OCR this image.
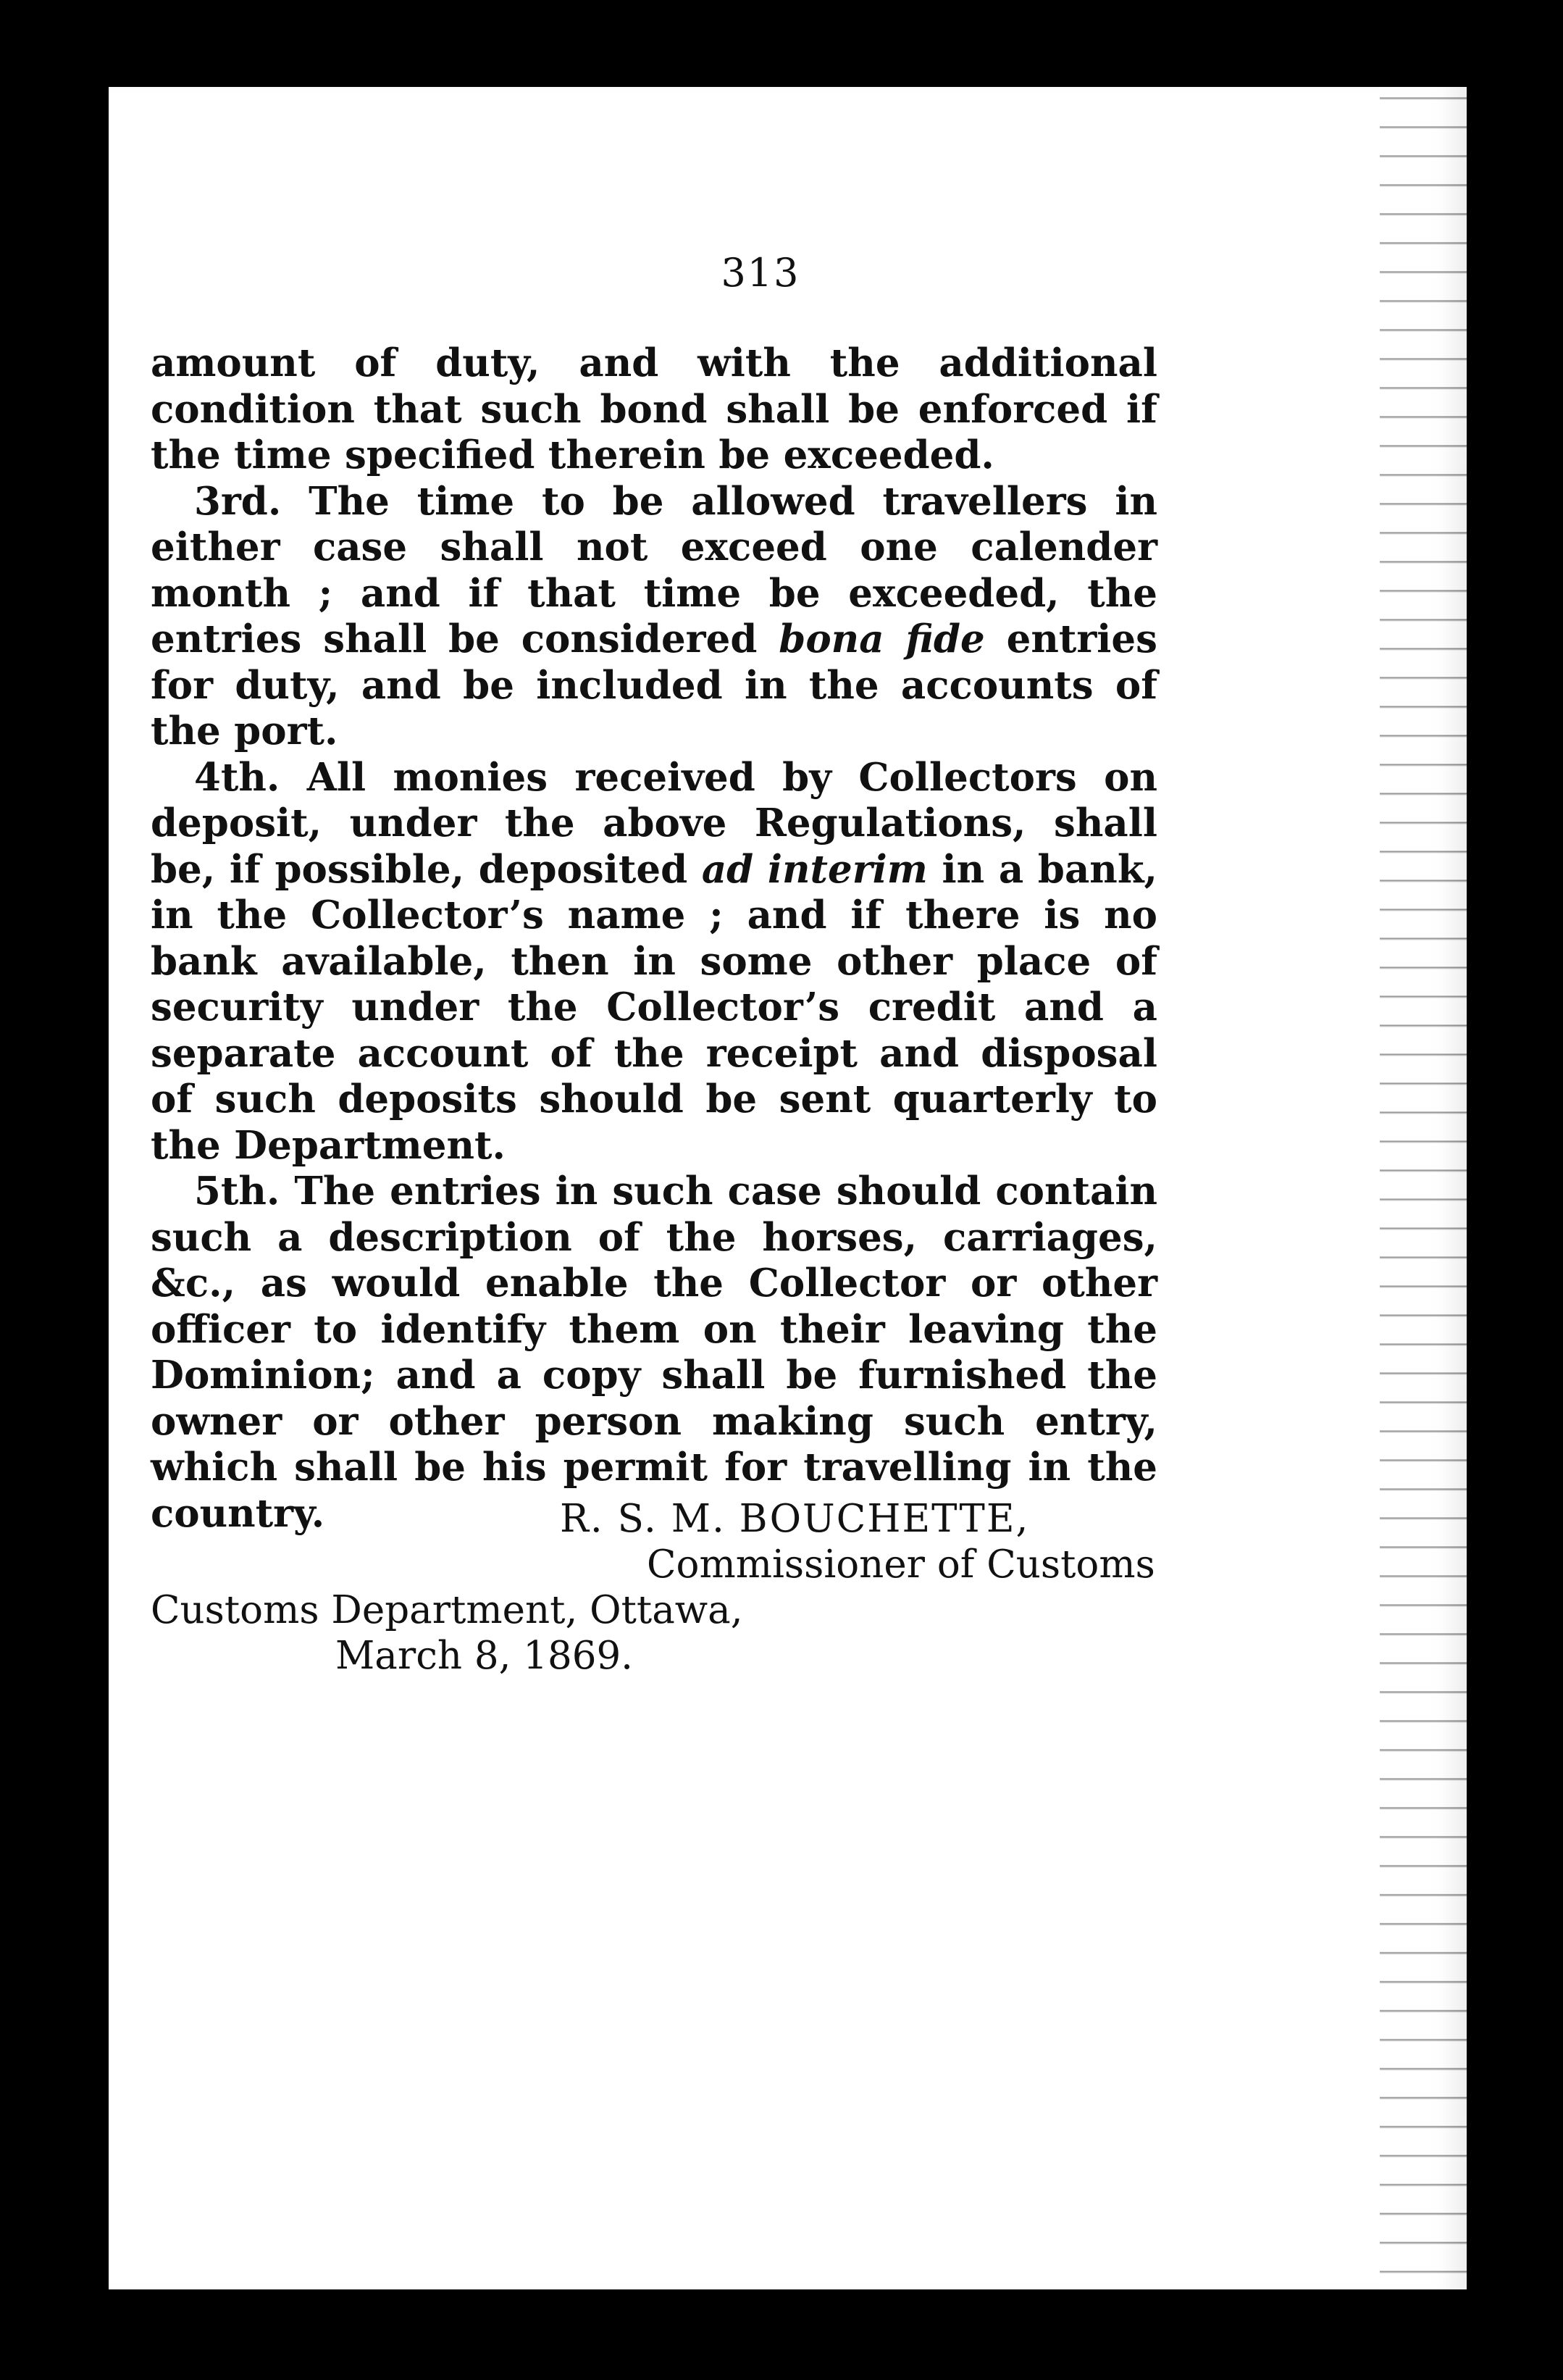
313

amount of duty, and with the additional condition that such bond shall be enforced if the time specified therein be exceeded.

3rd. The time to be allowed travellers in either case shall not exceed one calender month ; and if that time be exceeded, the entries shall be considered bona fide entries for duty, and be included in the accounts of the port.

4th. All monies received by Collectors on deposit, under the above Regulations, shall be, if possible, deposited ad interim in a bank, in the Collector’s name ; and if there is no bank available, then in some other place of security under the Collector’s credit and a separate account of the receipt and disposal of such deposits should be sent quarterly to the Department.

5th. The entries in such case should contain such a description of the horses, carriages, &c., as would enable the Collector or other officer to identify them on their leaving the Dominion; and a copy shall be furnished the owner or other person making such entry, which shall be his permit for travelling in the country.	R. S. M. BOUCHETTE,
Commissioner of Customs
Customs Department, Ottawa,
March 8, 1869.
